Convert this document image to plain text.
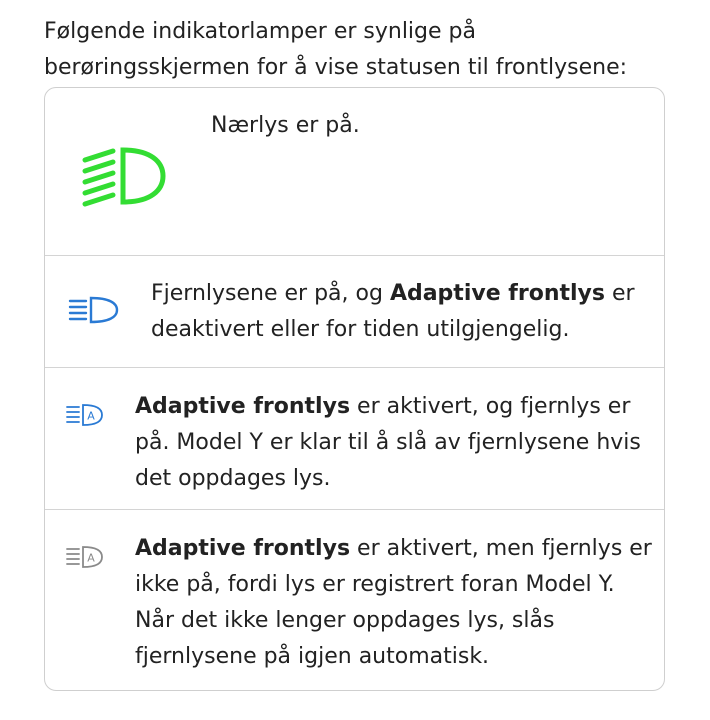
Følgende indikatorlamper er synlige på berøringsskjermen for å vise statusen til frontlysene:
Nærlys er på.
Fjernlysene er på, og Adaptive frontlys er deaktivert eller for tiden utilgjengelig.
A Adaptive frontlys er aktivert, og fjernlys er på. Model Y er klar til å slå av fjernlysene hvis det oppdages lys.
A Adaptive frontlys er aktivert, men fjernlys er ikke på, fordi lys er registrert foran Model Y. Når det ikke lenger oppdages lys, slås fjernlysene på igjen automatisk.
